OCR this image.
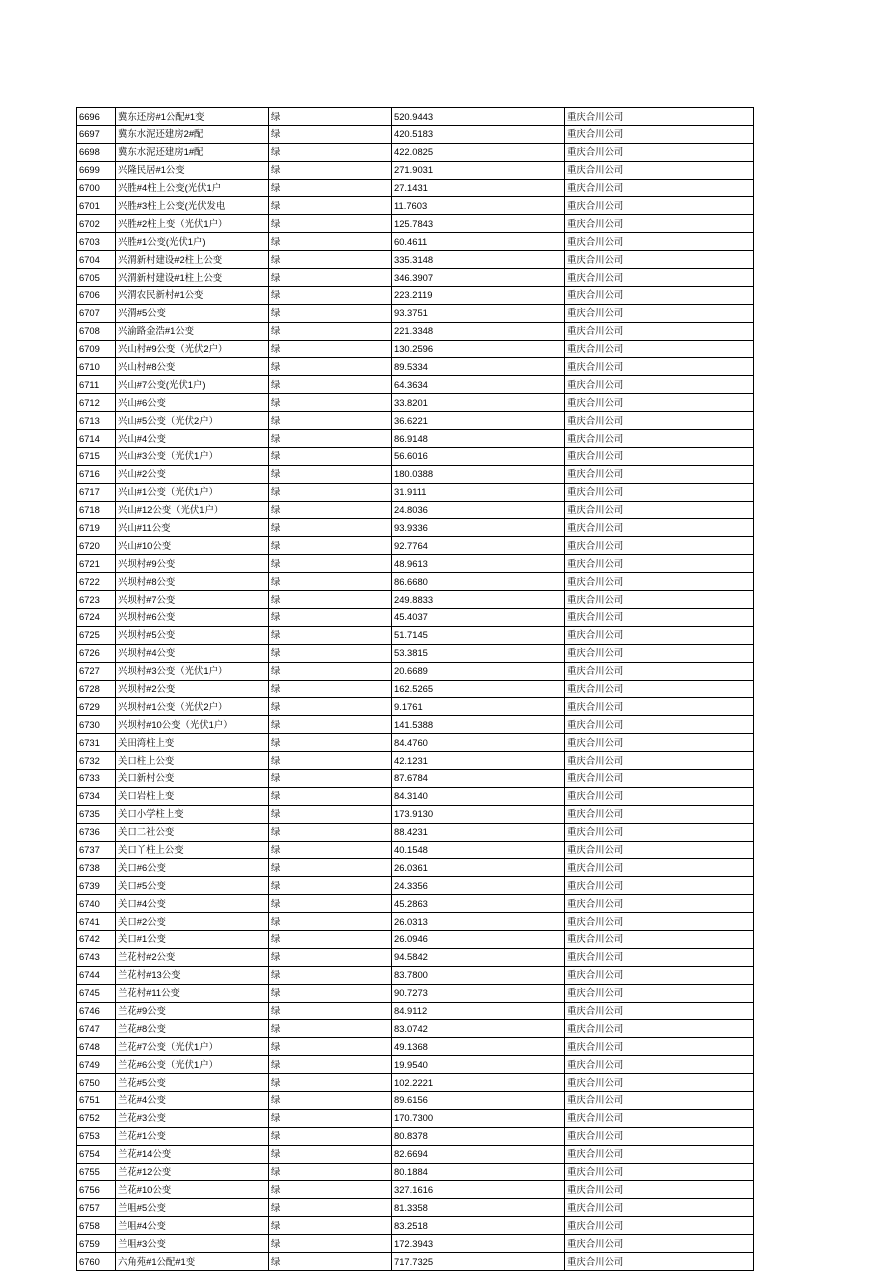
6696	冀东还房#1公配#1变	绿	520.9443	重庆合川公司
6697	冀东水泥还建房2#配	绿	420.5183	重庆合川公司
6698	冀东水泥还建房1#配	绿	422.0825	重庆合川公司
6699	兴隆民居#1公变	绿	271.9031	重庆合川公司
6700	兴胜#4柱上公变(光伏1户	绿	27.1431	重庆合川公司
6701	兴胜#3柱上公变(光伏发电	绿	11.7603	重庆合川公司
6702	兴胜#2柱上变（光伏1户）	绿	125.7843	重庆合川公司
6703	兴胜#1公变(光伏1户)	绿	60.4611	重庆合川公司
6704	兴渭新村建设#2柱上公变	绿	335.3148	重庆合川公司
6705	兴渭新村建设#1柱上公变	绿	346.3907	重庆合川公司
6706	兴渭农民新村#1公变	绿	223.2119	重庆合川公司
6707	兴渭#5公变	绿	93.3751	重庆合川公司
6708	兴渝路金浩#1公变	绿	221.3348	重庆合川公司
6709	兴山村#9公变（光伏2户）	绿	130.2596	重庆合川公司
6710	兴山村#8公变	绿	89.5334	重庆合川公司
6711	兴山#7公变(光伏1户)	绿	64.3634	重庆合川公司
6712	兴山#6公变	绿	33.8201	重庆合川公司
6713	兴山#5公变（光伏2户）	绿	36.6221	重庆合川公司
6714	兴山#4公变	绿	86.9148	重庆合川公司
6715	兴山#3公变（光伏1户）	绿	56.6016	重庆合川公司
6716	兴山#2公变	绿	180.0388	重庆合川公司
6717	兴山#1公变（光伏1户）	绿	31.9111	重庆合川公司
6718	兴山#12公变（光伏1户）	绿	24.8036	重庆合川公司
6719	兴山#11公变	绿	93.9336	重庆合川公司
6720	兴山#10公变	绿	92.7764	重庆合川公司
6721	兴坝村#9公变	绿	48.9613	重庆合川公司
6722	兴坝村#8公变	绿	86.6680	重庆合川公司
6723	兴坝村#7公变	绿	249.8833	重庆合川公司
6724	兴坝村#6公变	绿	45.4037	重庆合川公司
6725	兴坝村#5公变	绿	51.7145	重庆合川公司
6726	兴坝村#4公变	绿	53.3815	重庆合川公司
6727	兴坝村#3公变（光伏1户）	绿	20.6689	重庆合川公司
6728	兴坝村#2公变	绿	162.5265	重庆合川公司
6729	兴坝村#1公变（光伏2户）	绿	9.1761	重庆合川公司
6730	兴坝村#10公变（光伏1户）	绿	141.5388	重庆合川公司
6731	关田湾柱上变	绿	84.4760	重庆合川公司
6732	关口柱上公变	绿	42.1231	重庆合川公司
6733	关口新村公变	绿	87.6784	重庆合川公司
6734	关口岩柱上变	绿	84.3140	重庆合川公司
6735	关口小学柱上变	绿	173.9130	重庆合川公司
6736	关口二社公变	绿	88.4231	重庆合川公司
6737	关口丫柱上公变	绿	40.1548	重庆合川公司
6738	关口#6公变	绿	26.0361	重庆合川公司
6739	关口#5公变	绿	24.3356	重庆合川公司
6740	关口#4公变	绿	45.2863	重庆合川公司
6741	关口#2公变	绿	26.0313	重庆合川公司
6742	关口#1公变	绿	26.0946	重庆合川公司
6743	兰花村#2公变	绿	94.5842	重庆合川公司
6744	兰花村#13公变	绿	83.7800	重庆合川公司
6745	兰花村#11公变	绿	90.7273	重庆合川公司
6746	兰花#9公变	绿	84.9112	重庆合川公司
6747	兰花#8公变	绿	83.0742	重庆合川公司
6748	兰花#7公变（光伏1户）	绿	49.1368	重庆合川公司
6749	兰花#6公变（光伏1户）	绿	19.9540	重庆合川公司
6750	兰花#5公变	绿	102.2221	重庆合川公司
6751	兰花#4公变	绿	89.6156	重庆合川公司
6752	兰花#3公变	绿	170.7300	重庆合川公司
6753	兰花#1公变	绿	80.8378	重庆合川公司
6754	兰花#14公变	绿	82.6694	重庆合川公司
6755	兰花#12公变	绿	80.1884	重庆合川公司
6756	兰花#10公变	绿	327.1616	重庆合川公司
6757	兰咀#5公变	绿	81.3358	重庆合川公司
6758	兰咀#4公变	绿	83.2518	重庆合川公司
6759	兰咀#3公变	绿	172.3943	重庆合川公司
6760	六角苑#1公配#1变	绿	717.7325	重庆合川公司
